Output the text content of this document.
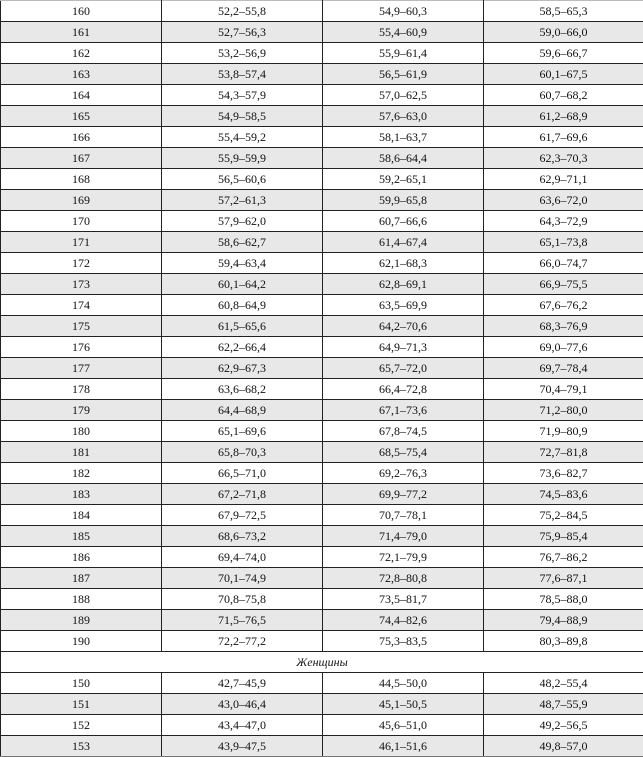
160	52,2–55,8	54,9–60,3	58,5–65,3
161	52,7–56,3	55,4–60,9	59,0–66,0
162	53,2–56,9	55,9–61,4	59,6–66,7
163	53,8–57,4	56,5–61,9	60,1–67,5
164	54,3–57,9	57,0–62,5	60,7–68,2
165	54,9–58,5	57,6–63,0	61,2–68,9
166	55,4–59,2	58,1–63,7	61,7–69,6
167	55,9–59,9	58,6–64,4	62,3–70,3
168	56,5–60,6	59,2–65,1	62,9–71,1
169	57,2–61,3	59,9–65,8	63,6–72,0
170	57,9–62,0	60,7–66,6	64,3–72,9
171	58,6–62,7	61,4–67,4	65,1–73,8
172	59,4–63,4	62,1–68,3	66,0–74,7
173	60,1–64,2	62,8–69,1	66,9–75,5
174	60,8–64,9	63,5–69,9	67,6–76,2
175	61,5–65,6	64,2–70,6	68,3–76,9
176	62,2–66,4	64,9–71,3	69,0–77,6
177	62,9–67,3	65,7–72,0	69,7–78,4
178	63,6–68,2	66,4–72,8	70,4–79,1
179	64,4–68,9	67,1–73,6	71,2–80,0
180	65,1–69,6	67,8–74,5	71,9–80,9
181	65,8–70,3	68,5–75,4	72,7–81,8
182	66,5–71,0	69,2–76,3	73,6–82,7
183	67,2–71,8	69,9–77,2	74,5–83,6
184	67,9–72,5	70,7–78,1	75,2–84,5
185	68,6–73,2	71,4–79,0	75,9–85,4
186	69,4–74,0	72,1–79,9	76,7–86,2
187	70,1–74,9	72,8–80,8	77,6–87,1
188	70,8–75,8	73,5–81,7	78,5–88,0
189	71,5–76,5	74,4–82,6	79,4–88,9
190	72,2–77,2	75,3–83,5	80,3–89,8
Женщины			
150	42,7–45,9	44,5–50,0	48,2–55,4
151	43,0–46,4	45,1–50,5	48,7–55,9
152	43,4–47,0	45,6–51,0	49,2–56,5
153	43,9–47,5	46,1–51,6	49,8–57,0
